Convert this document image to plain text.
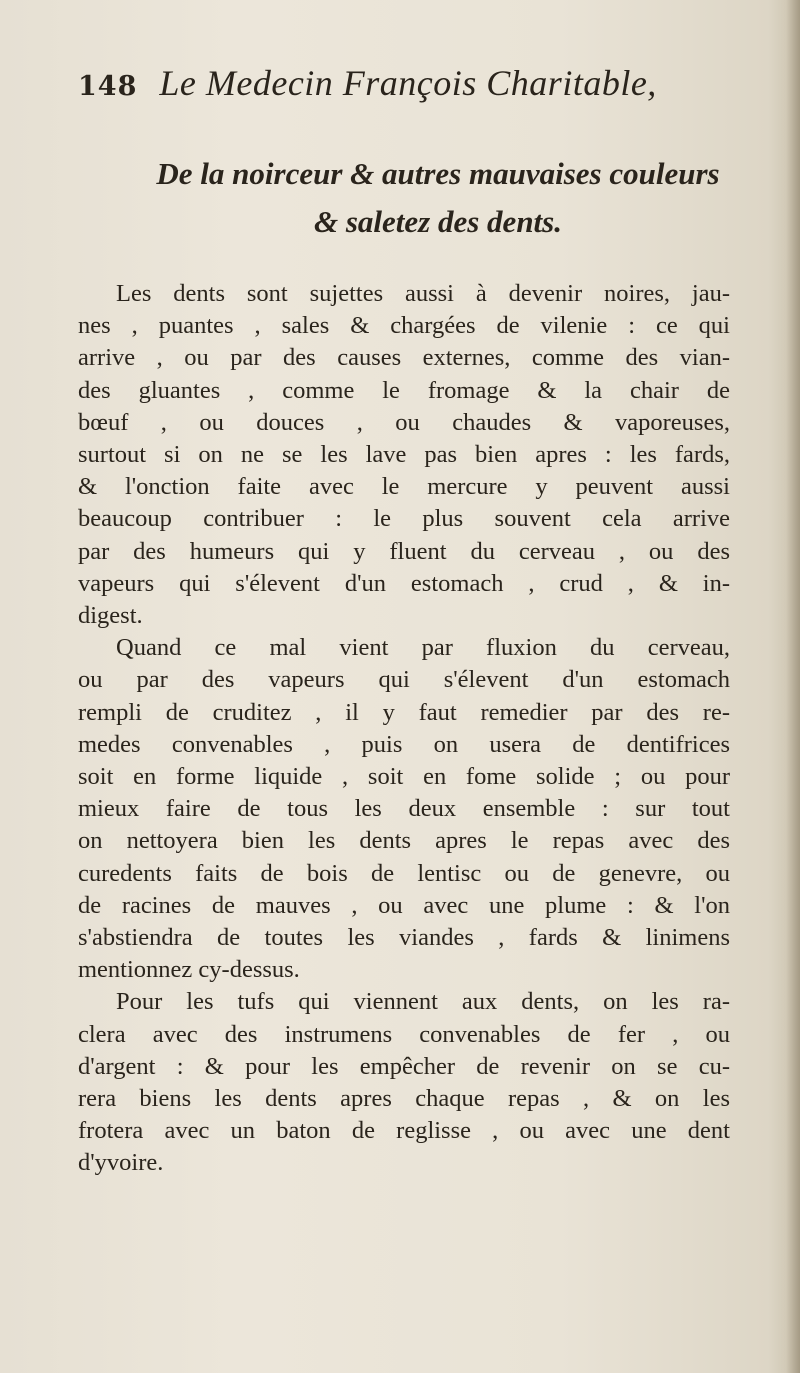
148 Le Medecin François Charitable,
De la noirceur & autres mauvaises couleurs
& saletez des dents.

Les dents sont sujettes aussi à devenir noires, jau-
nes , puantes , sales & chargées de vilenie : ce qui
arrive , ou par des causes externes, comme des vian-
des gluantes , comme le fromage & la chair de
bœuf , ou douces , ou chaudes & vaporeuses,
surtout si on ne se les lave pas bien apres : les fards,
& l'onction faite avec le mercure y peuvent aussi
beaucoup contribuer : le plus souvent cela arrive
par des humeurs qui y fluent du cerveau , ou des
vapeurs qui s'élevent d'un estomach , crud , & in-
digest.

Quand ce mal vient par fluxion du cerveau,
ou par des vapeurs qui s'élevent d'un estomach
rempli de cruditez , il y faut remedier par des re-
medes convenables , puis on usera de dentifrices
soit en forme liquide , soit en fome solide ; ou pour
mieux faire de tous les deux ensemble : sur tout
on nettoyera bien les dents apres le repas avec des
curedents faits de bois de lentisc ou de genevre, ou
de racines de mauves , ou avec une plume : & l'on
s'abstiendra de toutes les viandes , fards & linimens
mentionnez cy-dessus.

Pour les tufs qui viennent aux dents, on les ra-
clera avec des instrumens convenables de fer , ou
d'argent : & pour les empêcher de revenir on se cu-
rera biens les dents apres chaque repas , & on les
frotera avec un baton de reglisse , ou avec une dent
d'yvoire.
